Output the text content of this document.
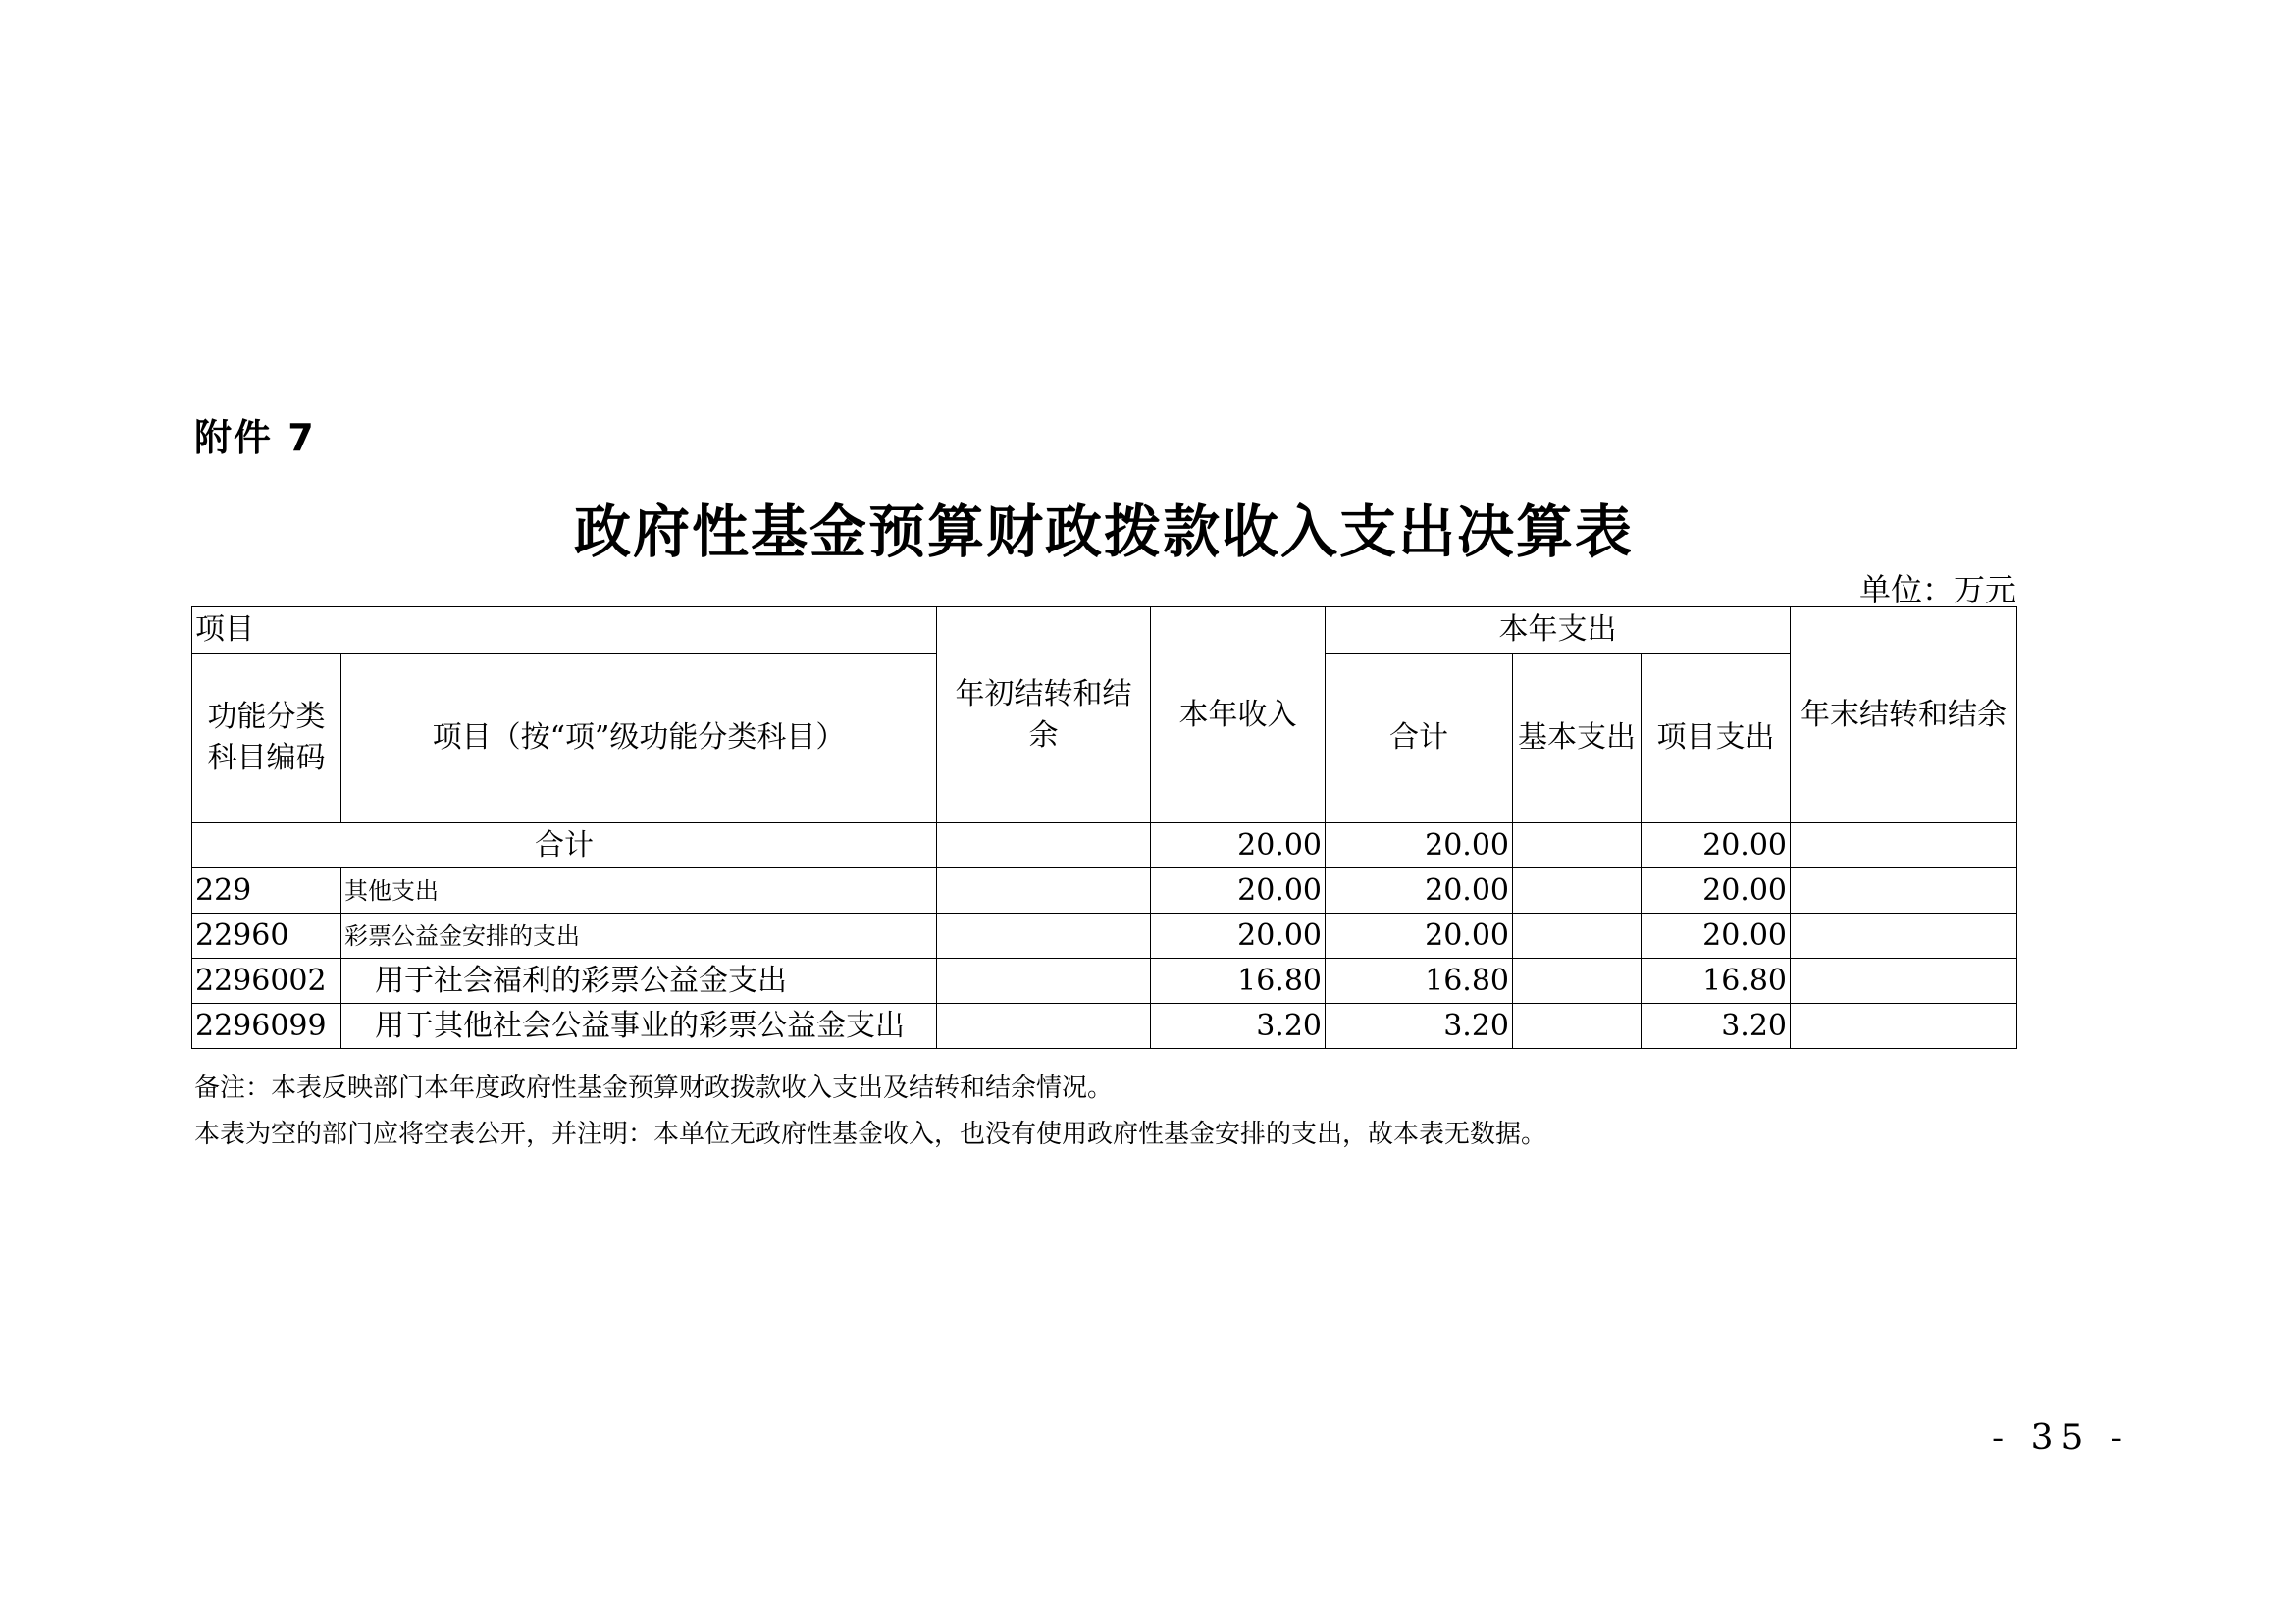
附件 7
政府性基金预算财政拨款收入支出决算表
单位：万元
项目		年初结转和结余	本年收入	本年支出			年末结转和结余
功能分类科目编码	项目（按“项”级功能分类科目）			合计	基本支出	项目支出	
合计			20.00	20.00		20.00	
229	其他支出		20.00	20.00		20.00	
22960	彩票公益金安排的支出		20.00	20.00		20.00	
2296002	用于社会福利的彩票公益金支出		16.80	16.80		16.80	
2296099	用于其他社会公益事业的彩票公益金支出		3.20	3.20		3.20	
备注：本表反映部门本年度政府性基金预算财政拨款收入支出及结转和结余情况。
本表为空的部门应将空表公开，并注明：本单位无政府性基金收入，也没有使用政府性基金安排的支出，故本表无数据。
- 35 -
